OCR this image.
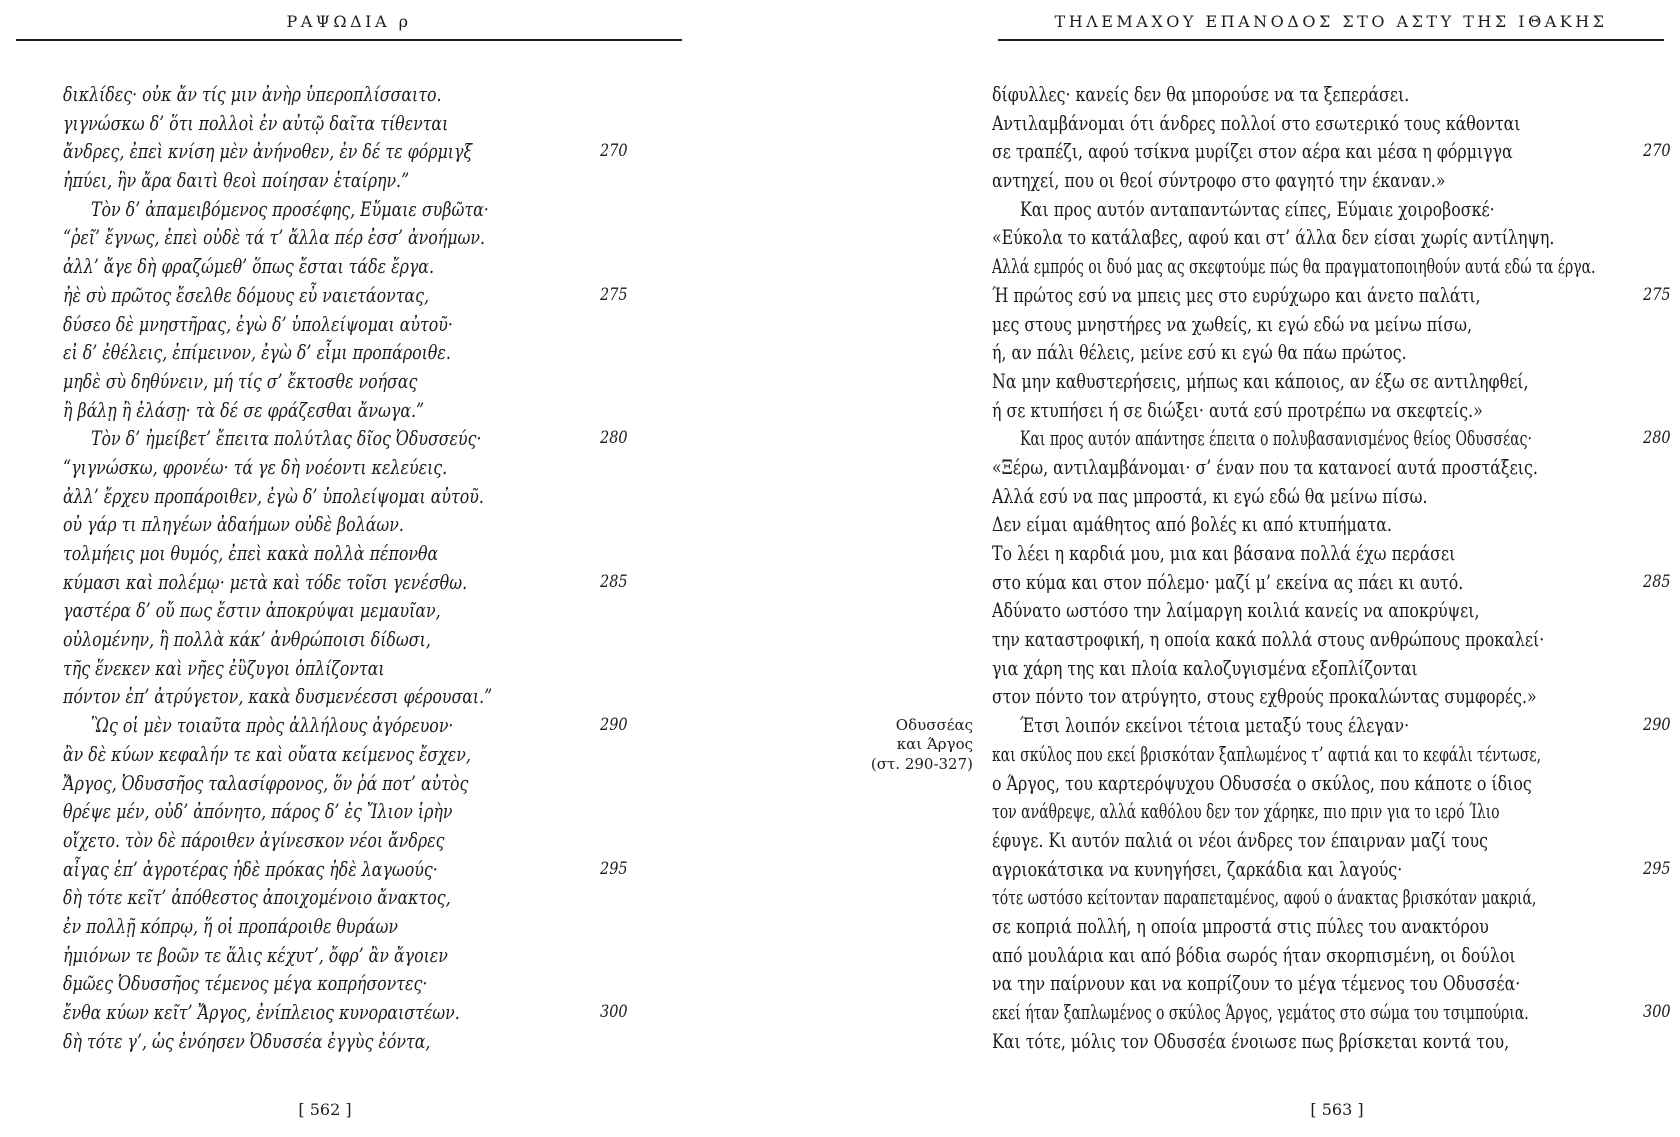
ΡΑΨΩΔΙΑ ρ
δικλίδες· οὐκ ἄν τίς μιν ἀνὴρ ὑπεροπλίσσαιτο.
γιγνώσκω δ’ ὅτι πολλοὶ ἐν αὐτῷ δαῖτα τίθενται
ἄνδρες, ἐπεὶ κνίση μὲν ἀνήνοθεν, ἐν δέ τε φόρμιγξ	270
ἠπύει, ἣν ἄρα δαιτὶ θεοὶ ποίησαν ἑταίρην.”
Τὸν δ’ ἀπαμειβόμενος προσέφης, Εὔμαιε συβῶτα·
“ῥεῖ’ ἔγνως, ἐπεὶ οὐδὲ τά τ’ ἄλλα πέρ ἐσσ’ ἀνοήμων.
ἀλλ’ ἄγε δὴ φραζώμεθ’ ὅπως ἔσται τάδε ἔργα.
ἠὲ σὺ πρῶτος ἔσελθε δόμους εὖ ναιετάοντας,	275
δύσεο δὲ μνηστῆρας, ἐγὼ δ’ ὑπολείψομαι αὐτοῦ·
εἰ δ’ ἐθέλεις, ἐπίμεινον, ἐγὼ δ’ εἶμι προπάροιθε.
μηδὲ σὺ δηθύνειν, μή τίς σ’ ἔκτοσθε νοήσας
ἢ βάλῃ ἢ ἐλάσῃ· τὰ δέ σε φράζεσθαι ἄνωγα.”
Τὸν δ’ ἠμείβετ’ ἔπειτα πολύτλας δῖος Ὀδυσσεύς·	280
“γιγνώσκω, φρονέω· τά γε δὴ νοέοντι κελεύεις.
ἀλλ’ ἔρχευ προπάροιθεν, ἐγὼ δ’ ὑπολείψομαι αὐτοῦ.
οὐ γάρ τι πληγέων ἀδαήμων οὐδὲ βολάων.
τολμήεις μοι θυμός, ἐπεὶ κακὰ πολλὰ πέπονθα
κύμασι καὶ πολέμῳ· μετὰ καὶ τόδε τοῖσι γενέσθω.	285
γαστέρα δ’ οὔ πως ἔστιν ἀποκρύψαι μεμαυῖαν,
οὐλομένην, ἣ πολλὰ κάκ’ ἀνθρώποισι δίδωσι,
τῆς ἕνεκεν καὶ νῆες ἐὒζυγοι ὁπλίζονται
πόντον ἐπ’ ἀτρύγετον, κακὰ δυσμενέεσσι φέρουσαι.”
Ὣς οἱ μὲν τοιαῦτα πρὸς ἀλλήλους ἀγόρευον·	290
ἂν δὲ κύων κεφαλήν τε καὶ οὔατα κείμενος ἔσχεν,
Ἄργος, Ὀδυσσῆος ταλασίφρονος, ὅν ῥά ποτ’ αὐτὸς
θρέψε μέν, οὐδ’ ἀπόνητο, πάρος δ’ ἐς Ἴλιον ἱρὴν
οἴχετο. τὸν δὲ πάροιθεν ἀγίνεσκον νέοι ἄνδρες
αἶγας ἐπ’ ἀγροτέρας ἠδὲ πρόκας ἠδὲ λαγωούς·	295
δὴ τότε κεῖτ’ ἀπόθεστος ἀποιχομένοιο ἄνακτος,
ἐν πολλῇ κόπρῳ, ἥ οἱ προπάροιθε θυράων
ἡμιόνων τε βοῶν τε ἅλις κέχυτ’, ὄφρ’ ἂν ἄγοιεν
δμῶες Ὀδυσσῆος τέμενος μέγα κοπρήσοντες·
ἔνθα κύων κεῖτ’ Ἄργος, ἐνίπλειος κυνοραιστέων.	300
δὴ τότε γ’, ὡς ἐνόησεν Ὀδυσσέα ἐγγὺς ἐόντα,
[ 562 ]
ΤΗΛΕΜΑΧΟΥ ΕΠΑΝΟΔΟΣ ΣΤΟ ΑΣΤΥ ΤΗΣ ΙΘΑΚΗΣ
Οδυσσέας
και Άργος
(στ. 290-327)
δίφυλλες· κανείς δεν θα μπορούσε να τα ξεπεράσει.
Αντιλαμβάνομαι ότι άνδρες πολλοί στο εσωτερικό τους κάθονται
σε τραπέζι, αφού τσίκνα μυρίζει στον αέρα και μέσα η φόρμιγγα	270
αντηχεί, που οι θεοί σύντροφο στο φαγητό την έκαναν.»
Και προς αυτόν ανταπαντώντας είπες, Εύμαιε χοιροβοσκέ·
«Εύκολα το κατάλαβες, αφού και στ’ άλλα δεν είσαι χωρίς αντίληψη.
Αλλά εμπρός οι δυό μας ας σκεφτούμε πώς θα πραγματοποιηθούν αυτά εδώ τα έργα.
Ή πρώτος εσύ να μπεις μες στο ευρύχωρο και άνετο παλάτι,	275
μες στους μνηστήρες να χωθείς, κι εγώ εδώ να μείνω πίσω,
ή, αν πάλι θέλεις, μείνε εσύ κι εγώ θα πάω πρώτος.
Να μην καθυστερήσεις, μήπως και κάποιος, αν έξω σε αντιληφθεί,
ή σε κτυπήσει ή σε διώξει· αυτά εσύ προτρέπω να σκεφτείς.»
Και προς αυτόν απάντησε έπειτα ο πολυβασανισμένος θείος Οδυσσέας·	280
«Ξέρω, αντιλαμβάνομαι· σ’ έναν που τα κατανοεί αυτά προστάξεις.
Αλλά εσύ να πας μπροστά, κι εγώ εδώ θα μείνω πίσω.
Δεν είμαι αμάθητος από βολές κι από κτυπήματα.
Το λέει η καρδιά μου, μια και βάσανα πολλά έχω περάσει
στο κύμα και στον πόλεμο· μαζί μ’ εκείνα ας πάει κι αυτό.	285
Αδύνατο ωστόσο την λαίμαργη κοιλιά κανείς να αποκρύψει,
την καταστροφική, η οποία κακά πολλά στους ανθρώπους προκαλεί·
για χάρη της και πλοία καλοζυγισμένα εξοπλίζονται
στον πόντο τον ατρύγητο, στους εχθρούς προκαλώντας συμφορές.»
Έτσι λοιπόν εκείνοι τέτοια μεταξύ τους έλεγαν·	290
και σκύλος που εκεί βρισκόταν ξαπλωμένος τ’ αφτιά και το κεφάλι τέντωσε,
ο Άργος, του καρτερόψυχου Οδυσσέα ο σκύλος, που κάποτε ο ίδιος
τον ανάθρεψε, αλλά καθόλου δεν τον χάρηκε, πιο πριν για το ιερό Ίλιο
έφυγε. Κι αυτόν παλιά οι νέοι άνδρες τον έπαιρναν μαζί τους
αγριοκάτσικα να κυνηγήσει, ζαρκάδια και λαγούς·	295
τότε ωστόσο κείτονταν παραπεταμένος, αφού ο άνακτας βρισκόταν μακριά,
σε κοπριά πολλή, η οποία μπροστά στις πύλες του ανακτόρου
από μουλάρια και από βόδια σωρός ήταν σκορπισμένη, οι δούλοι
να την παίρνουν και να κοπρίζουν το μέγα τέμενος του Οδυσσέα·
εκεί ήταν ξαπλωμένος ο σκύλος Άργος, γεμάτος στο σώμα του τσιμπούρια.	300
Και τότε, μόλις τον Οδυσσέα ένοιωσε πως βρίσκεται κοντά του,
[ 563 ]
